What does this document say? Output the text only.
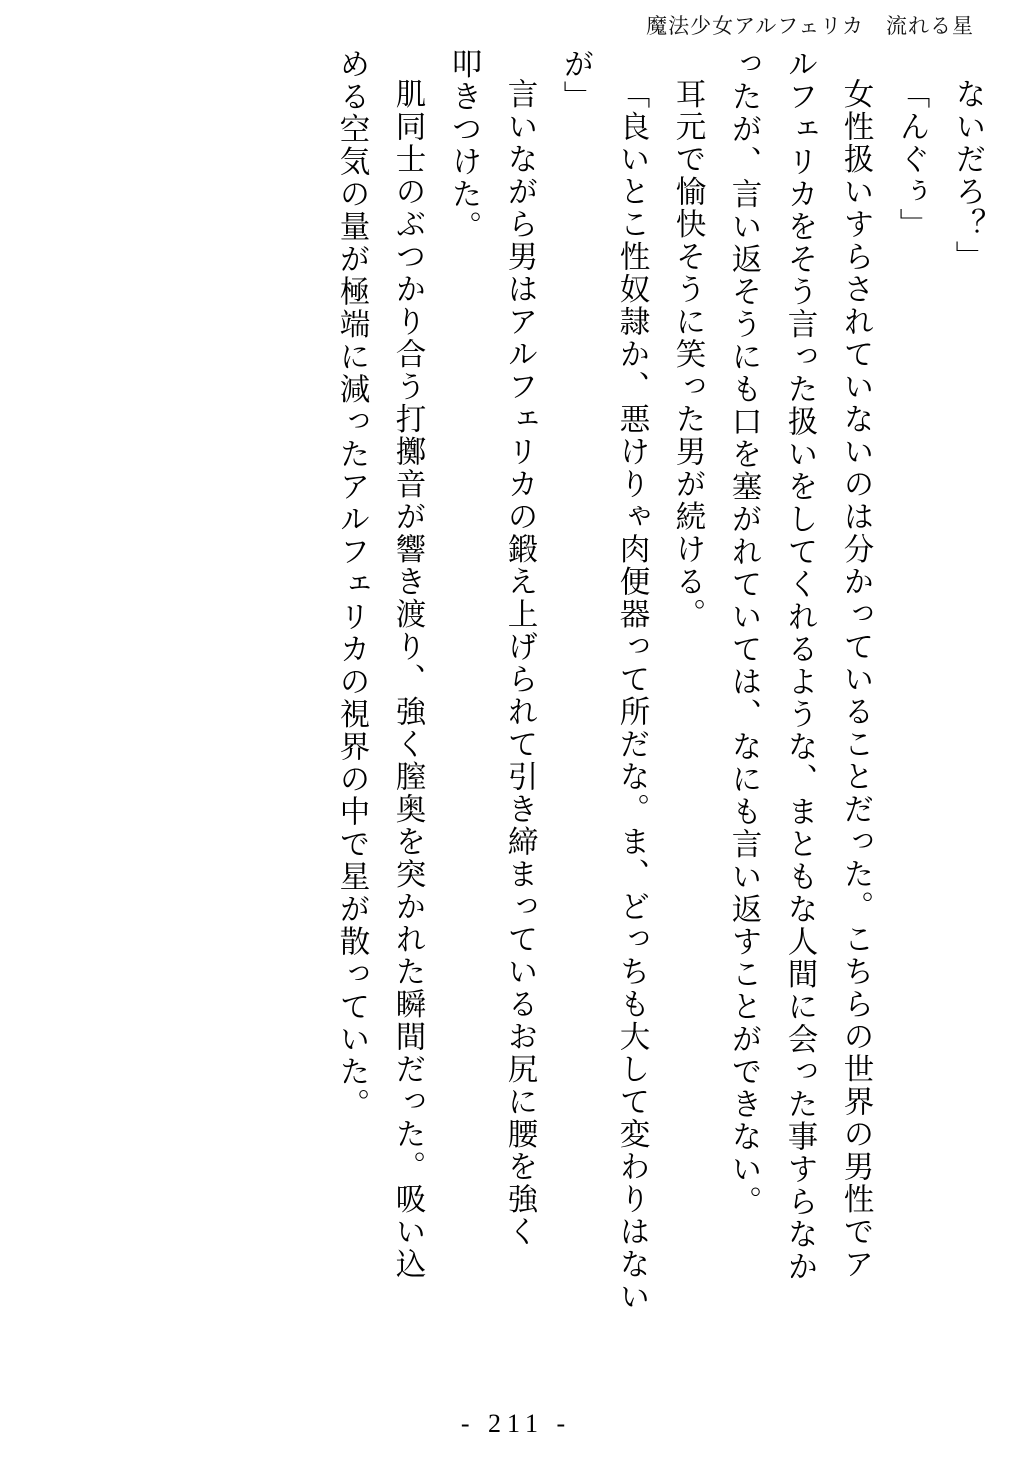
魔法少女アルフェリカ　流れる星
ないだろ？」
「んぐぅ」
女性扱いすらされていないのは分かっていることだった。こちらの世界の男性でア
ルフェリカをそう言った扱いをしてくれるような、まともな人間に会った事すらなか
ったが、言い返そうにも口を塞がれていては、なにも言い返すことができない。
耳元で愉快そうに笑った男が続ける。
「良いとこ性奴隷か、悪けりゃ肉便器って所だな。ま、どっちも大して変わりはない
が」
言いながら男はアルフェリカの鍛え上げられて引き締まっているお尻に腰を強く
叩きつけた。
肌同士のぶつかり合う打擲音が響き渡り、強く膣奥を突かれた瞬間だった。吸い込
める空気の量が極端に減ったアルフェリカの視界の中で星が散っていた。
- 211 -
